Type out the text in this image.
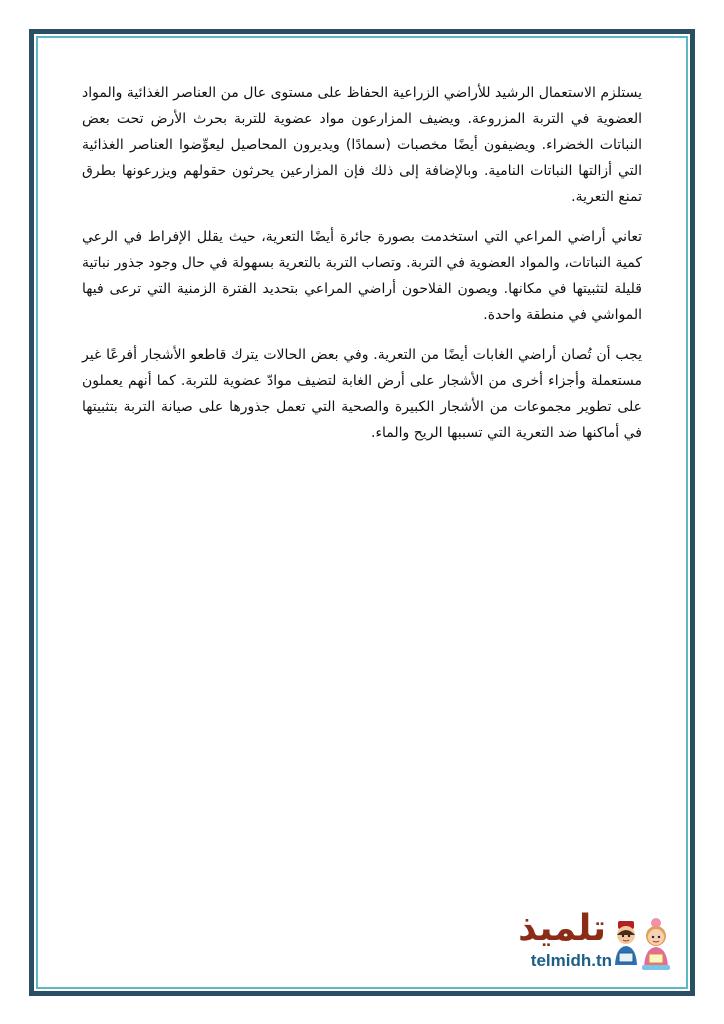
يستلزم الاستعمال الرشيد للأراضي الزراعية الحفاظ على مستوى عال من العناصر الغذائية والمواد العضوية في التربة المزروعة. ويضيف المزارعون مواد عضوية للتربة بحرث الأرض تحت بعض النباتات الخضراء. ويضيفون أيضًا مخصبات (سمادًا) ويديرون المحاصيل ليعوِّضوا العناصر الغذائية التي أزالتها النباتات النامية. وبالإضافة إلى ذلك فإن المزارعين يحرثون حقولهم ويزرعونها بطرق تمنع التعرية.

تعاني أراضي المراعي التي استخدمت بصورة جائرة أيضًا التعرية، حيث يقلل الإفراط في الرعي كمية النباتات، والمواد العضوية في التربة. وتصاب التربة بالتعرية بسهولة في حال وجود جذور نباتية قليلة لتثبيتها في مكانها. ويصون الفلاحون أراضي المراعي بتحديد الفترة الزمنية التي ترعى فيها المواشي في منطقة واحدة.

يجب أن تُصان أراضي الغابات أيضًا من التعرية. وفي بعض الحالات يترك قاطعو الأشجار أفرعًا غير مستعملة وأجزاء أخرى من الأشجار على أرض الغابة لتضيف موادّ عضوية للتربة. كما أنهم يعملون على تطوير مجموعات من الأشجار الكبيرة والصحية التي تعمل جذورها على صيانة التربة بتثبيتها في أماكنها ضد التعرية التي تسببها الريح والماء.

تلميذ
telmidh.tn
